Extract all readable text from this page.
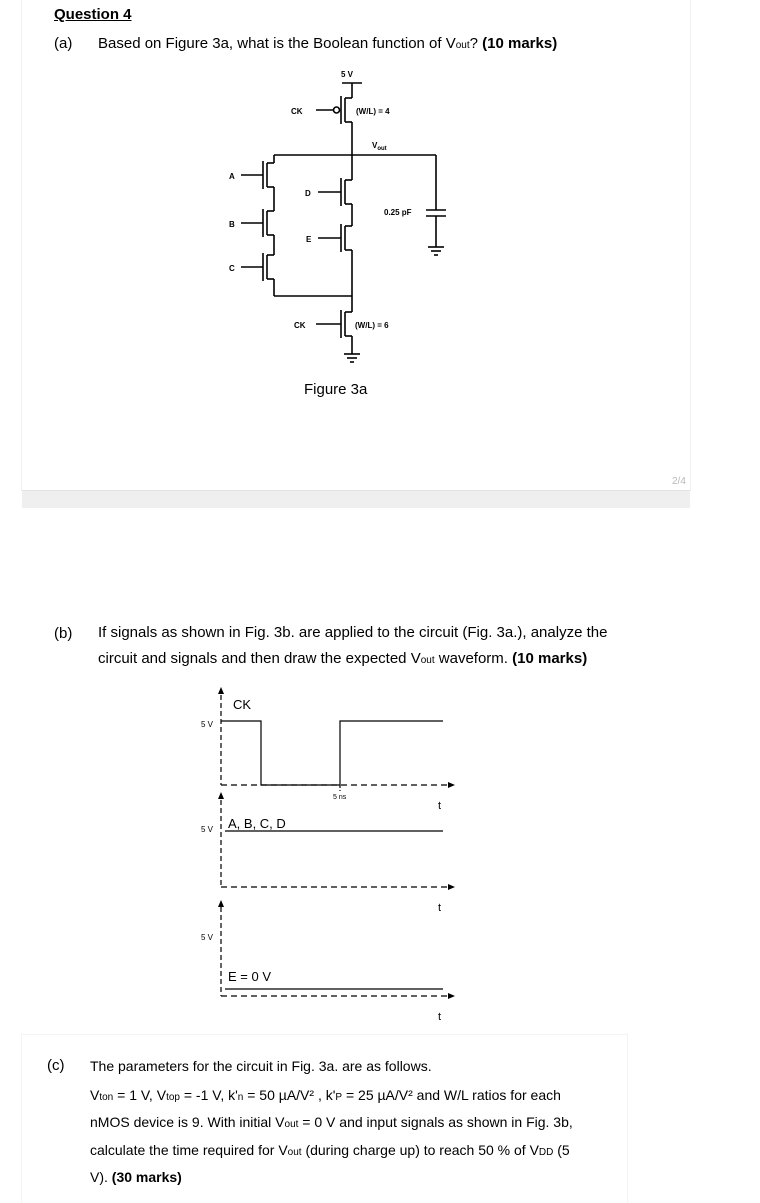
Question 4
(a) Based on Figure 3a, what is the Boolean function of Vout? (10 marks)
5 V
CK	(W/L) = 4
$V_{out}$
A
B
C
D
E
0.25 pF
CK	(W/L) = 6
Figure 3a
2/4
(b) If signals as shown in Fig. 3b. are applied to the circuit (Fig. 3a.), analyze the
circuit and signals and then draw the expected Vout waveform. (10 marks)
CK
5 V
5 ns
t
A, B, C, D
5 V
t
5 V
E = 0 V
t
(c) The parameters for the circuit in Fig. 3a. are as follows.
Vton = 1 V, Vtop = -1 V, k'n = 50 µA/V² , k'P = 25 µA/V² and W/L ratios for each
nMOS device is 9. With initial Vout = 0 V and input signals as shown in Fig. 3b,
calculate the time required for Vout (during charge up) to reach 50 % of VDD (5
V). (30 marks)
